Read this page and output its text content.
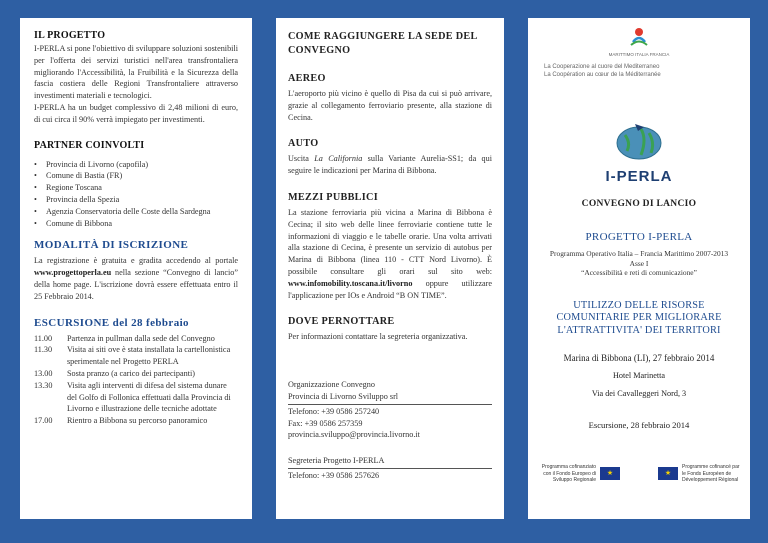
IL PROGETTO

I-PERLA si pone l'obiettivo di sviluppare soluzioni sostenibili per l'offerta dei servizi turistici nell'area transfrontaliera migliorando l'Accessibilità, la Fruibilità e la Sicurezza della fascia costiera delle Regioni Transfrontaliere attraverso investimenti materiali e tecnologici.

I-PERLA ha un budget complessivo di 2,48 milioni di euro, di cui circa il 90% verrà impiegato per investimenti.

PARTNER COINVOLTI
•	Provincia di Livorno (capofila)
•	Comune di Bastia (FR)
•	Regione Toscana
•	Provincia della Spezia
•	Agenzia Conservatoria delle Coste della Sardegna
•	Comune di Bibbona
MODALITÀ DI ISCRIZIONE

La registrazione è gratuita e gradita accedendo al portale www.progettoperla.eu nella sezione “Convegno di lancio” della home page. L'iscrizione dovrà essere effettuata entro il 25 Febbraio 2014.

ESCURSIONE del 28 febbraio
11.00	Partenza in pullman dalla sede del Convegno
11.30	Visita ai siti ove è stata installata la cartellonistica sperimentale nel Progetto PERLA
13.00	Sosta pranzo (a carico dei partecipanti)
13.30	Visita agli interventi di difesa del sistema dunare del Golfo di Follonica effettuati dalla Provincia di Livorno e illustrazione delle tecniche adottate
17.00	Rientro a Bibbona su percorso panoramico
COME RAGGIUNGERE LA SEDE DEL CONVEGNO
AEREO

L'aeroporto più vicino è quello di Pisa da cui si può arrivare, grazie al collegamento ferroviario presente, alla stazione di Cecina.

AUTO

Uscita La California sulla Variante Aurelia-SS1; da qui seguire le indicazioni per Marina di Bibbona.

MEZZI PUBBLICI

La stazione ferroviaria più vicina a Marina di Bibbona è Cecina; il sito web delle linee ferroviarie contiene tutte le informazioni di viaggio e le tabelle orarie. Una volta arrivati alla stazione di Cecina, è presente un servizio di autobus per Marina di Bibbona (linea 110 - CTT Nord Livorno). È possibile consultare gli orari sul sito web: www.infomobility.toscana.it/livorno oppure utilizzare l'applicazione per IOs e Android “B ON TIME”.

DOVE PERNOTTARE

Per informazioni contattare la segreteria organizzativa.

Organizzazione Convegno
Provincia di Livorno Sviluppo srl
Telefono: +39 0586 257240
Fax: +39 0586 257359
provincia.sviluppo@provincia.livorno.it
Segreteria Progetto I-PERLA
Telefono: +39 0586 257626
MARITTIMO ITALIA FRANCIA
La Cooperazione al cuore del Mediterraneo
La Coopération au cœur de la Méditerranée
I-PERLA
CONVEGNO DI LANCIO
PROGETTO I-PERLA
Programma Operativo Italia – Francia Marittimo 2007-2013
Asse I
“Accessibilità e reti di comunicazione”
UTILIZZO DELLE RISORSE COMUNITARIE PER MIGLIORARE L'ATTRATTIVITA' DEI TERRITORI
Marina di Bibbona (LI), 27 febbraio 2014
Hotel Marinetta
Via dei Cavalleggeri Nord, 3
Escursione, 28 febbraio 2014
Programma cofinanziato con il Fondo Europeo di Sviluppo Regionale
★	★
Programme cofinancé par le Fonds Européen de Développement Régional
